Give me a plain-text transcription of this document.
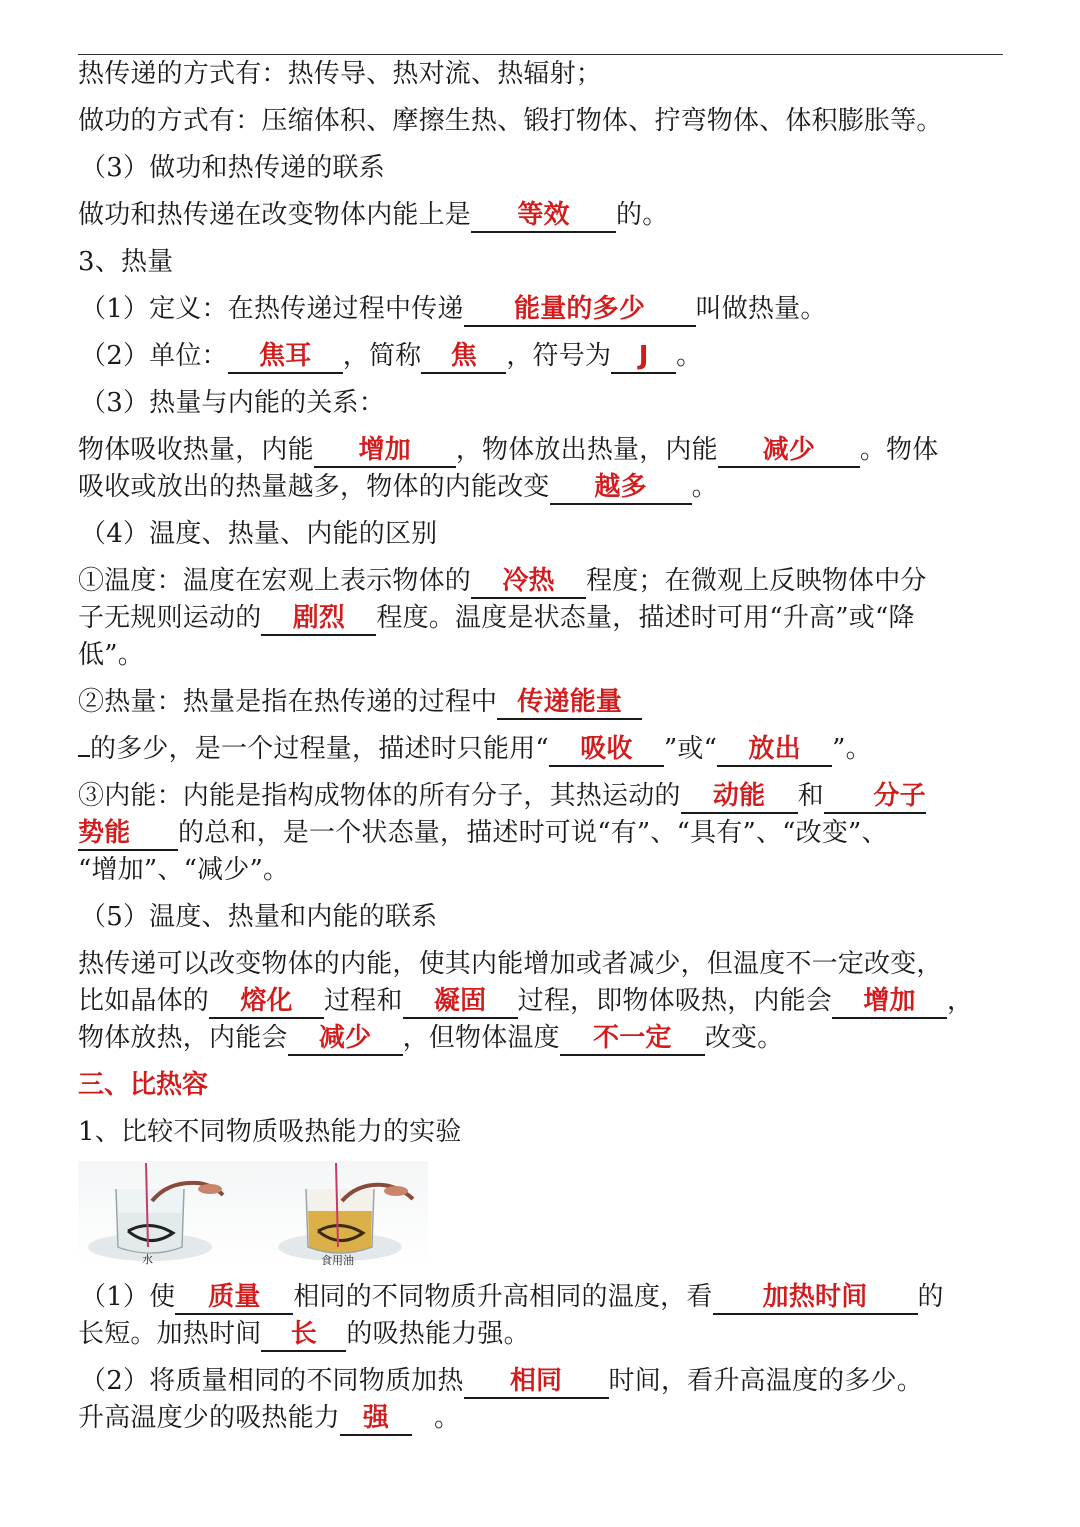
热传递的方式有：热传导、热对流、热辐射；
做功的方式有：压缩体积、摩擦生热、锻打物体、拧弯物体、体积膨胀等。
（3）做功和热传递的联系
做功和热传递在改变物体内能上是 等效 的。
3、热量
（1）定义：在热传递过程中传递 能量的多少 叫做热量。
（2）单位： 焦耳 ，简称 焦 ，符号为 J 。
（3）热量与内能的关系：
物体吸收热量，内能 增加 ，物体放出热量，内能 减少 。物体
吸收或放出的热量越多，物体的内能改变 越多 。
（4）温度、热量、内能的区别
①温度：温度在宏观上表示物体的 冷热 程度；在微观上反映物体中分
子无规则运动的 剧烈 程度。温度是状态量，描述时可用“升高”或“降
低”。
②热量：热量是指在热传递的过程中 传递能量
的多少，是一个过程量，描述时只能用“ 吸收 ”或“ 放出 ”。
③内能：内能是指构成物体的所有分子，其热运动的 动能 和 分子
势能 的总和，是一个状态量，描述时可说“有”、“具有”、“改变”、
“增加”、“减少”。
（5）温度、热量和内能的联系
热传递可以改变物体的内能，使其内能增加或者减少，但温度不一定改变，
比如晶体的 熔化 过程和 凝固 过程，即物体吸热，内能会 增加 ，
物体放热，内能会 减少 ，但物体温度 不一定 改变。
三、比热容
1、比较不同物质吸热能力的实验
水	食用油
（1）使 质量 相同的不同物质升高相同的温度，看 加热时间 的
长短。加热时间 长 的吸热能力强。
（2）将质量相同的不同物质加热 相同 时间，看升高温度的多少。
升高温度少的吸热能力 强 。
